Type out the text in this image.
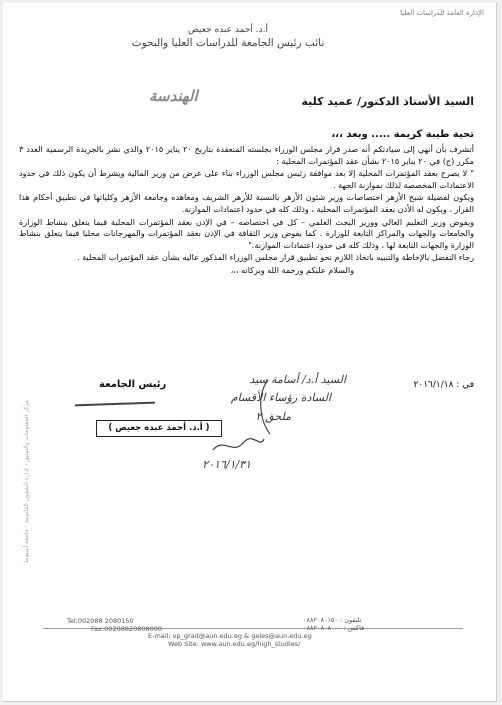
الإدارة العامة للدراسات العليا
أ.د. أحمد عبده جعيص
نائب رئيس الجامعة للدراسات العليا والبحوث
السيد الأستاذ الدكتور/ عميد كلية
الهندسة
تحية طيبة كريمة ..... وبعد ،،،

أتشرف بأن أنهي إلى سيادتكم أنه صدر قرار مجلس الوزراء بجلسته المنعقدة بتاريخ ٢٠ يناير ٢٠١٥ والذي نشر بالجريدة الرسمية العدد ٣ مكرر (ج) في ٢٠ يناير ٢٠١٥ بشأن عقد المؤتمرات المحلية :

" لا يصرح بعقد المؤتمرات المحلية إلا بعد موافقة رئيس مجلس الوزراء بناء على عرض من وزير المالية ويشرط أن يكون ذلك في حدود الاعتمادات المخصصة لذلك بموازنة الجهة .

ويكون لفضيلة شيخ الأزهر اختصاصات وزير شئون الأزهر بالنسبة للأزهر الشريف ومعاهده وجامعة الأزهر وكلياتها في تطبيق أحكام هذا القرار ، ويكون له الأذن بعقد المؤتمرات المحلية ، وذلك كله في حدود اعتمادات الموازنة.

ويفوض وزير التعليم العالي ووزير البحث العلمي – كل في اختصاصه – في الإذن بعقد المؤتمرات المحلية فيما يتعلق بنشاط الوزارة والجامعات والجهات والمراكز التابعة للوزارة . كما يفوض وزير الثقافة في الإذن بعقد المؤتمرات والمهرجانات محليا فيما يتعلق بنشاط الوزارة والجهات التابعة لها ، وذلك كله في حدود اعتمادات الموازنة."

رجاء التفضل بالإحاطة والتنبيه باتخاذ اللازم نحو تطبيق قرار مجلس الوزراء المذكور عاليه بشأن عقد المؤتمرات المحلية .

والسلام عليكم ورحمة الله وبركاته ،،،

في : ٢٠١٦/١/١٨
رئيس الجامعة
( أ.د. أحمد عبده جعيص )
السيد أ.د/ أسامة سيد
السادة رؤساء الأقسام
ملحق ٢
٢٠١٦/١/٣١
مركز المعلومات والتوثيق - إدارة الشؤون القانونية - جامعة أسيوط
Tel:002088 2080150
Fax:00208820808000
تليفون : ٠٨٨٢٠٨٠١٥٠
فاكس : ٠٨٨٢٠٨٠٨٠٠٠
E-mail: vp_grad@aun.edu.eg & geles@aun.edu.eg
Web Site: www.aun.edu.eg/high_studies/
